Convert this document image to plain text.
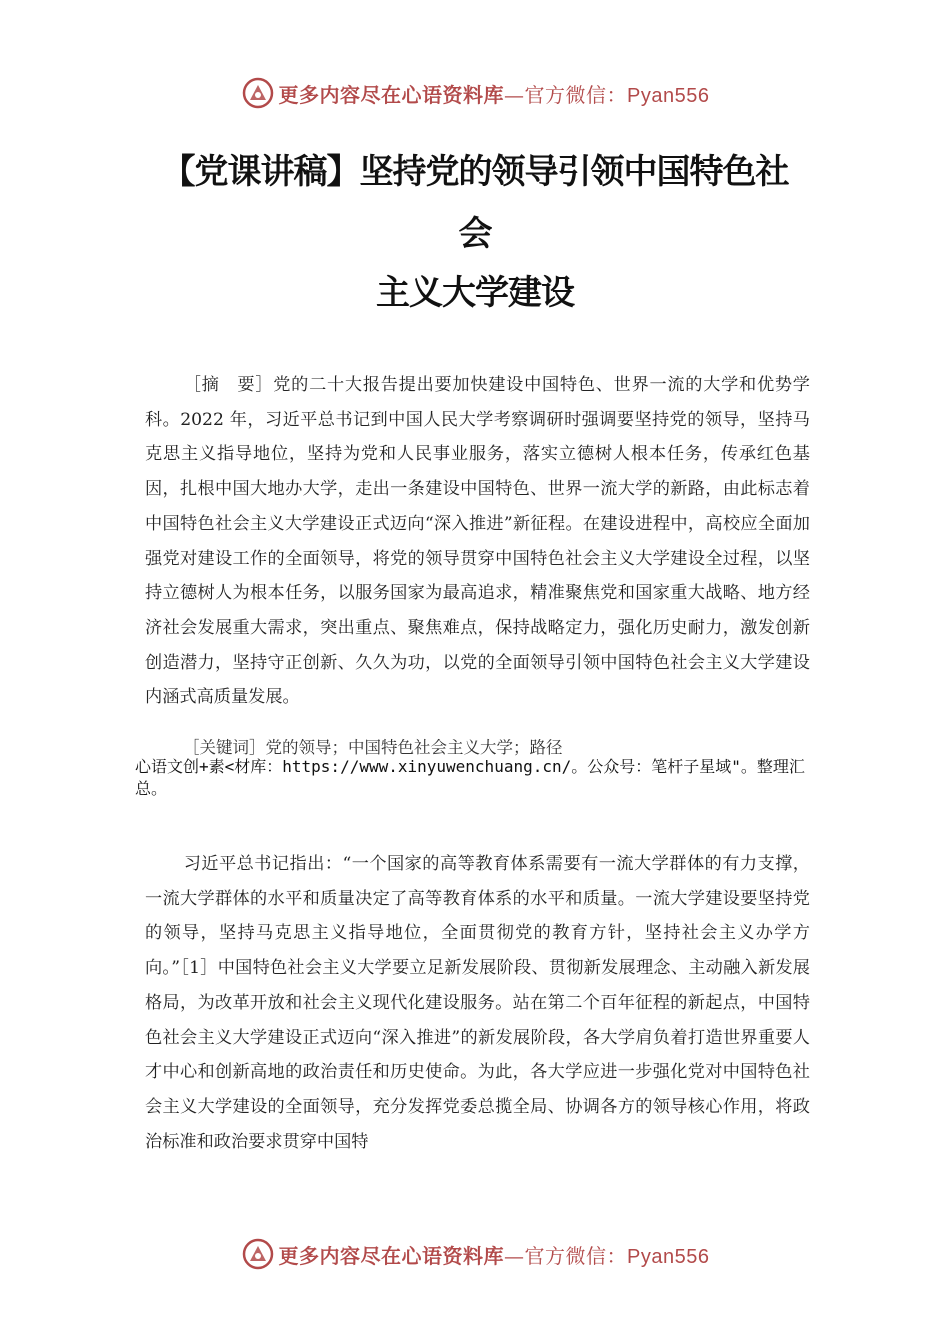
更多内容尽在心语资料库—官方微信：Pyan556
【党课讲稿】坚持党的领导引领中国特色社
会
主义大学建设
［摘　要］党的二十大报告提出要加快建设中国特色、世界一流的大学和优势学科。2022 年，习近平总书记到中国人民大学考察调研时强调要坚持党的领导，坚持马克思主义指导地位，坚持为党和人民事业服务，落实立德树人根本任务，传承红色基因，扎根中国大地办大学，走出一条建设中国特色、世界一流大学的新路，由此标志着中国特色社会主义大学建设正式迈向“深入推进”新征程。在建设进程中，高校应全面加强党对建设工作的全面领导，将党的领导贯穿中国特色社会主义大学建设全过程，以坚持立德树人为根本任务，以服务国家为最高追求，精准聚焦党和国家重大战略、地方经济社会发展重大需求，突出重点、聚焦难点，保持战略定力，强化历史耐力，激发创新创造潜力，坚持守正创新、久久为功，以党的全面领导引领中国特色社会主义大学建设内涵式高质量发展。
［关键词］党的领导；中国特色社会主义大学；路径
心语文创+素<材库：https://www.xinyuwenchuang.cn/。公众号：笔杆子星域"。整理汇总。
习近平总书记指出：“一个国家的高等教育体系需要有一流大学群体的有力支撑，一流大学群体的水平和质量决定了高等教育体系的水平和质量。一流大学建设要坚持党的领导，坚持马克思主义指导地位，全面贯彻党的教育方针，坚持社会主义办学方向。”［1］中国特色社会主义大学要立足新发展阶段、贯彻新发展理念、主动融入新发展格局，为改革开放和社会主义现代化建设服务。站在第二个百年征程的新起点，中国特色社会主义大学建设正式迈向“深入推进”的新发展阶段，各大学肩负着打造世界重要人才中心和创新高地的政治责任和历史使命。为此，各大学应进一步强化党对中国特色社会主义大学建设的全面领导，充分发挥党委总揽全局、协调各方的领导核心作用，将政治标准和政治要求贯穿中国特
更多内容尽在心语资料库—官方微信：Pyan556
